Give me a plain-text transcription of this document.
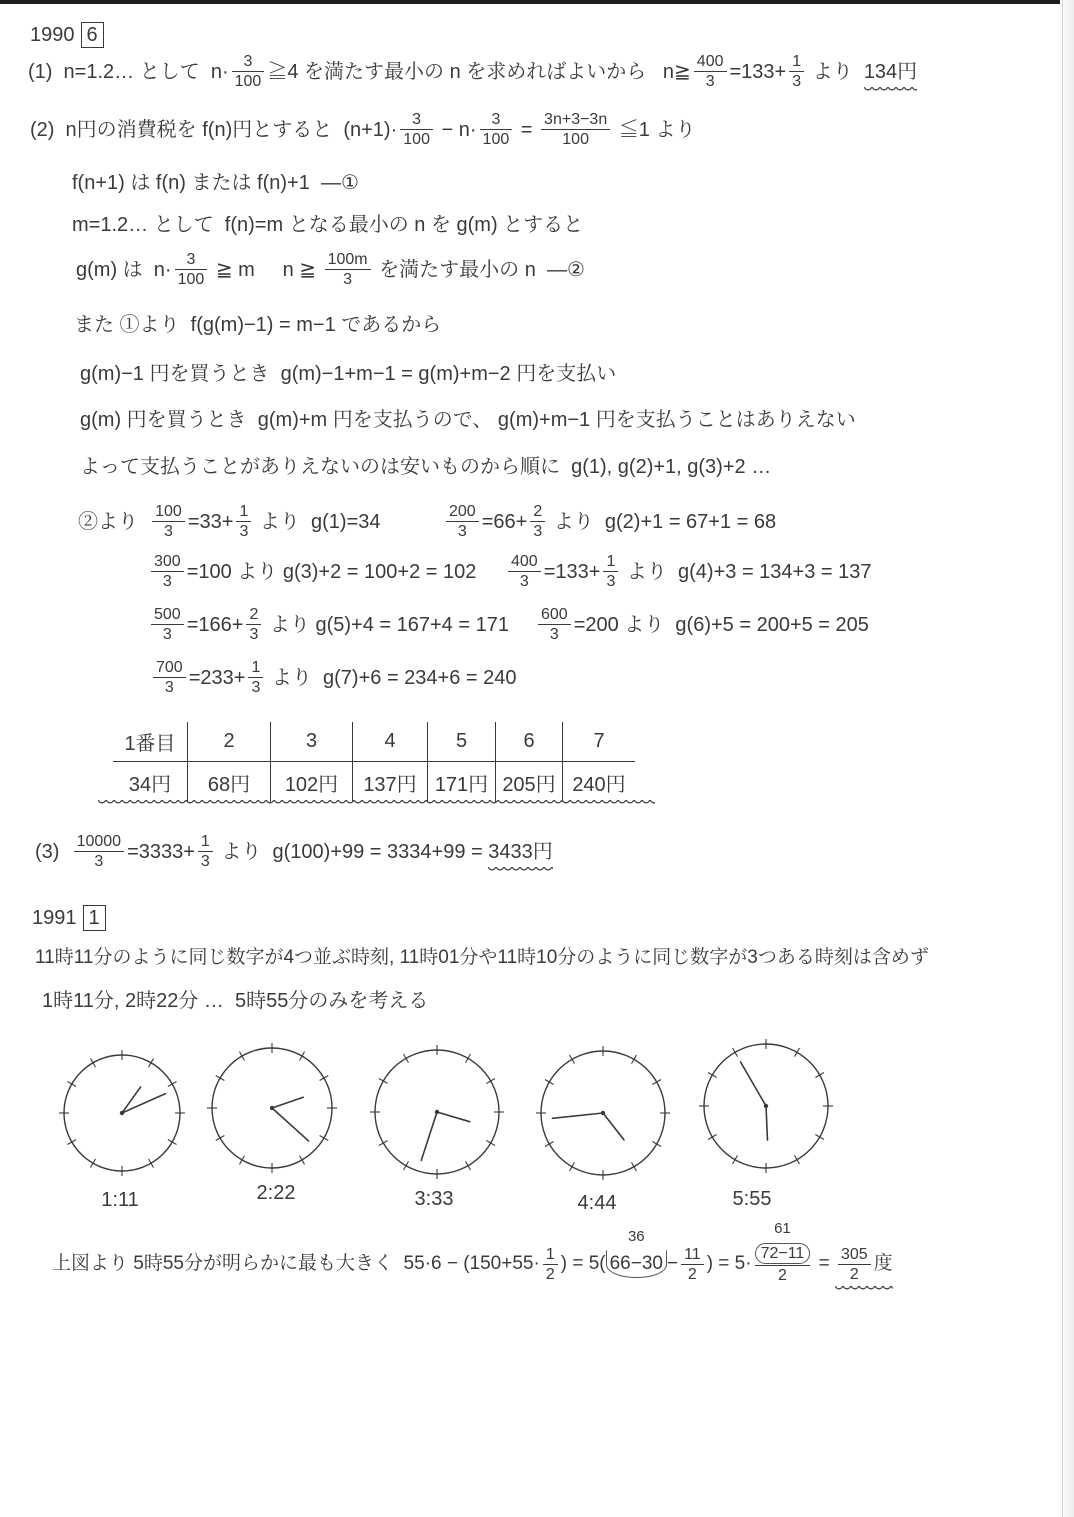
1990 6
(1)  n=1.2… として  $n\cdot \frac{3}{100}$ ≧4 を満たす最小の n を求めればよいから   n≧ $\frac{400}{3} =133+ \frac{1}{3}$ より 134円
(2)  n円の消費税を f(n)円とすると  $(n+1)\cdot \frac{3}{100} - n\cdot \frac{3}{100} = \frac{3n+3-3n}{100}$ ≦1 より
f(n+1) は f(n) または f(n)+1  —①
m=1.2… として  f(n)=m となる最小の n を g(m) とすると
g(m) は  $n\cdot \frac{3}{100}$ ≧ m     n ≧ $\frac{100m}{3}$ を満たす最小の n  —②
また ①より  f(g(m)−1) = m−1 であるから
g(m)−1 円を買うとき  g(m)−1+m−1 = g(m)+m−2 円を支払い
g(m) 円を買うとき  g(m)+m 円を支払うので、 g(m)+m−1 円を支払うことはありえない
よって支払うことがありえないのは安いものから順に  g(1), g(2)+1, g(3)+2 …
②より $\frac{100}{3} =33+ \frac{1}{3}$ より  g(1)=34	$\frac{200}{3} =66+ \frac{2}{3}$ より  g(2)+1 = 67+1 = 68
$\frac{300}{3} =100$ より $g(3)+2 = 100+2 = 102 \frac{400}{3} =133+ \frac{1}{3}$ より  g(4)+3 = 134+3 = 137
$\frac{500}{3} =166+ \frac{2}{3}$ より $g(5)+4 = 167+4 = 171 \frac{600}{3} =200$ より  g(6)+5 = 200+5 = 205
$\frac{700}{3} =233+ \frac{1}{3}$ より  g(7)+6 = 234+6 = 240
1番目	2	3	4	5	6	7
34円	68円	102円	137円 171円 205円 240円
$(3) \frac{10000}{3} =3333+ \frac{1}{3}$ より  g(100)+99 = 3334+99 = 3433円
1991 1
11時11分のように同じ数字が4つ並ぶ時刻, 11時01分や11時10分のように同じ数字が3つある時刻は含めず
1時11分, 2時22分 …  5時55分のみを考える
1:11	2:22	3:33	4:44	5:55
上図より 5時55分が明らかに最も大きく  $55\cdot 6 - (150+55\cdot \frac{1}{2}$ ) = 5( 66−30
36
− $\frac{11}{2}$ ) = 5· 72−11
2
61
= $\frac{305}{2}$ 度
